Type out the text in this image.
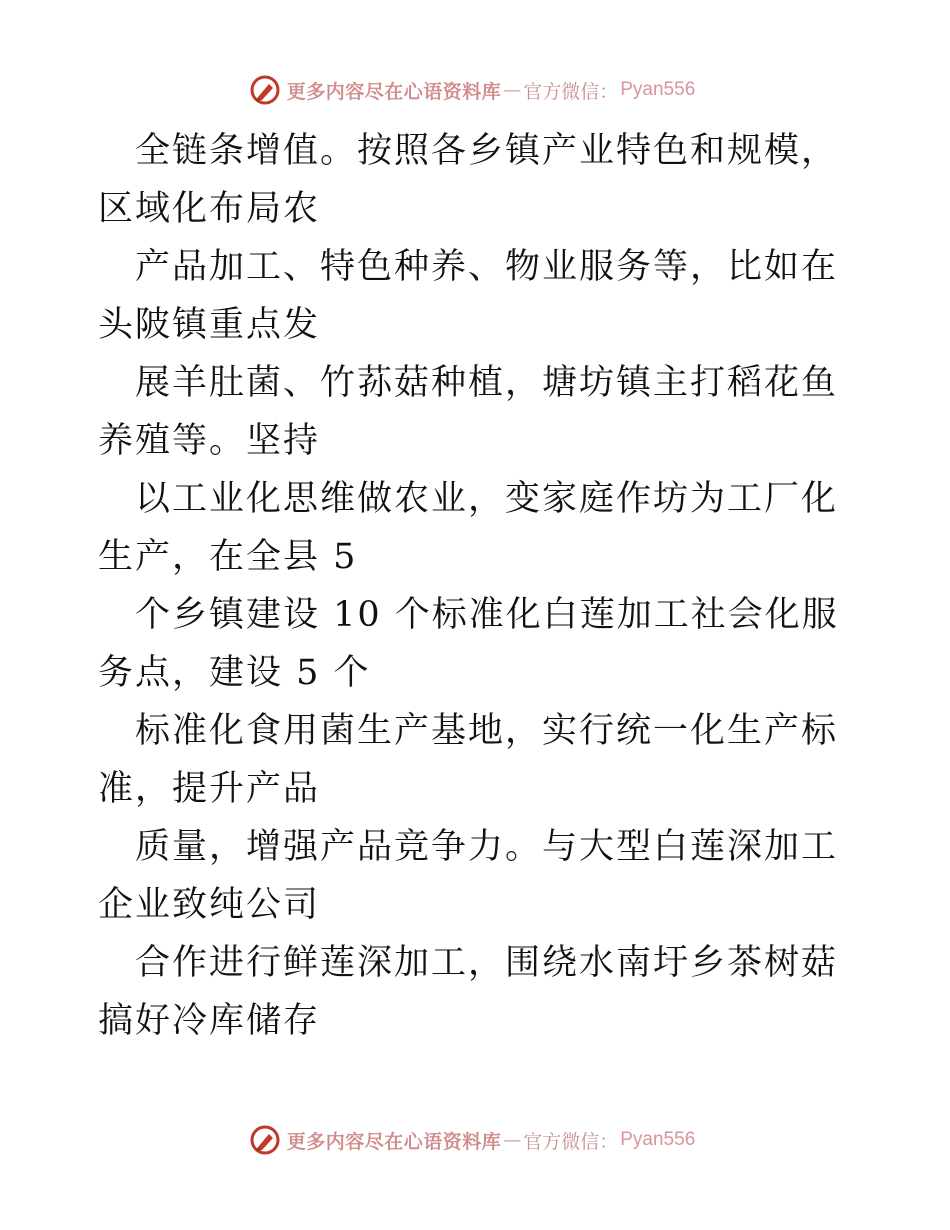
更多内容尽在心语资料库 — 官方微信： Pyan556

全链条增值。按照各乡镇产业特色和规模，区域化布局农

产品加工、特色种养、物业服务等，比如在头陂镇重点发

展羊肚菌、竹荪菇种植，塘坊镇主打稻花鱼养殖等。坚持

以工业化思维做农业，变家庭作坊为工厂化生产，在全县 5

个乡镇建设 10 个标准化白莲加工社会化服务点，建设 5 个

标准化食用菌生产基地，实行统一化生产标准，提升产品

质量，增强产品竞争力。与大型白莲深加工企业致纯公司

合作进行鲜莲深加工，围绕水南圩乡茶树菇搞好冷库储存

更多内容尽在心语资料库 — 官方微信： Pyan556
